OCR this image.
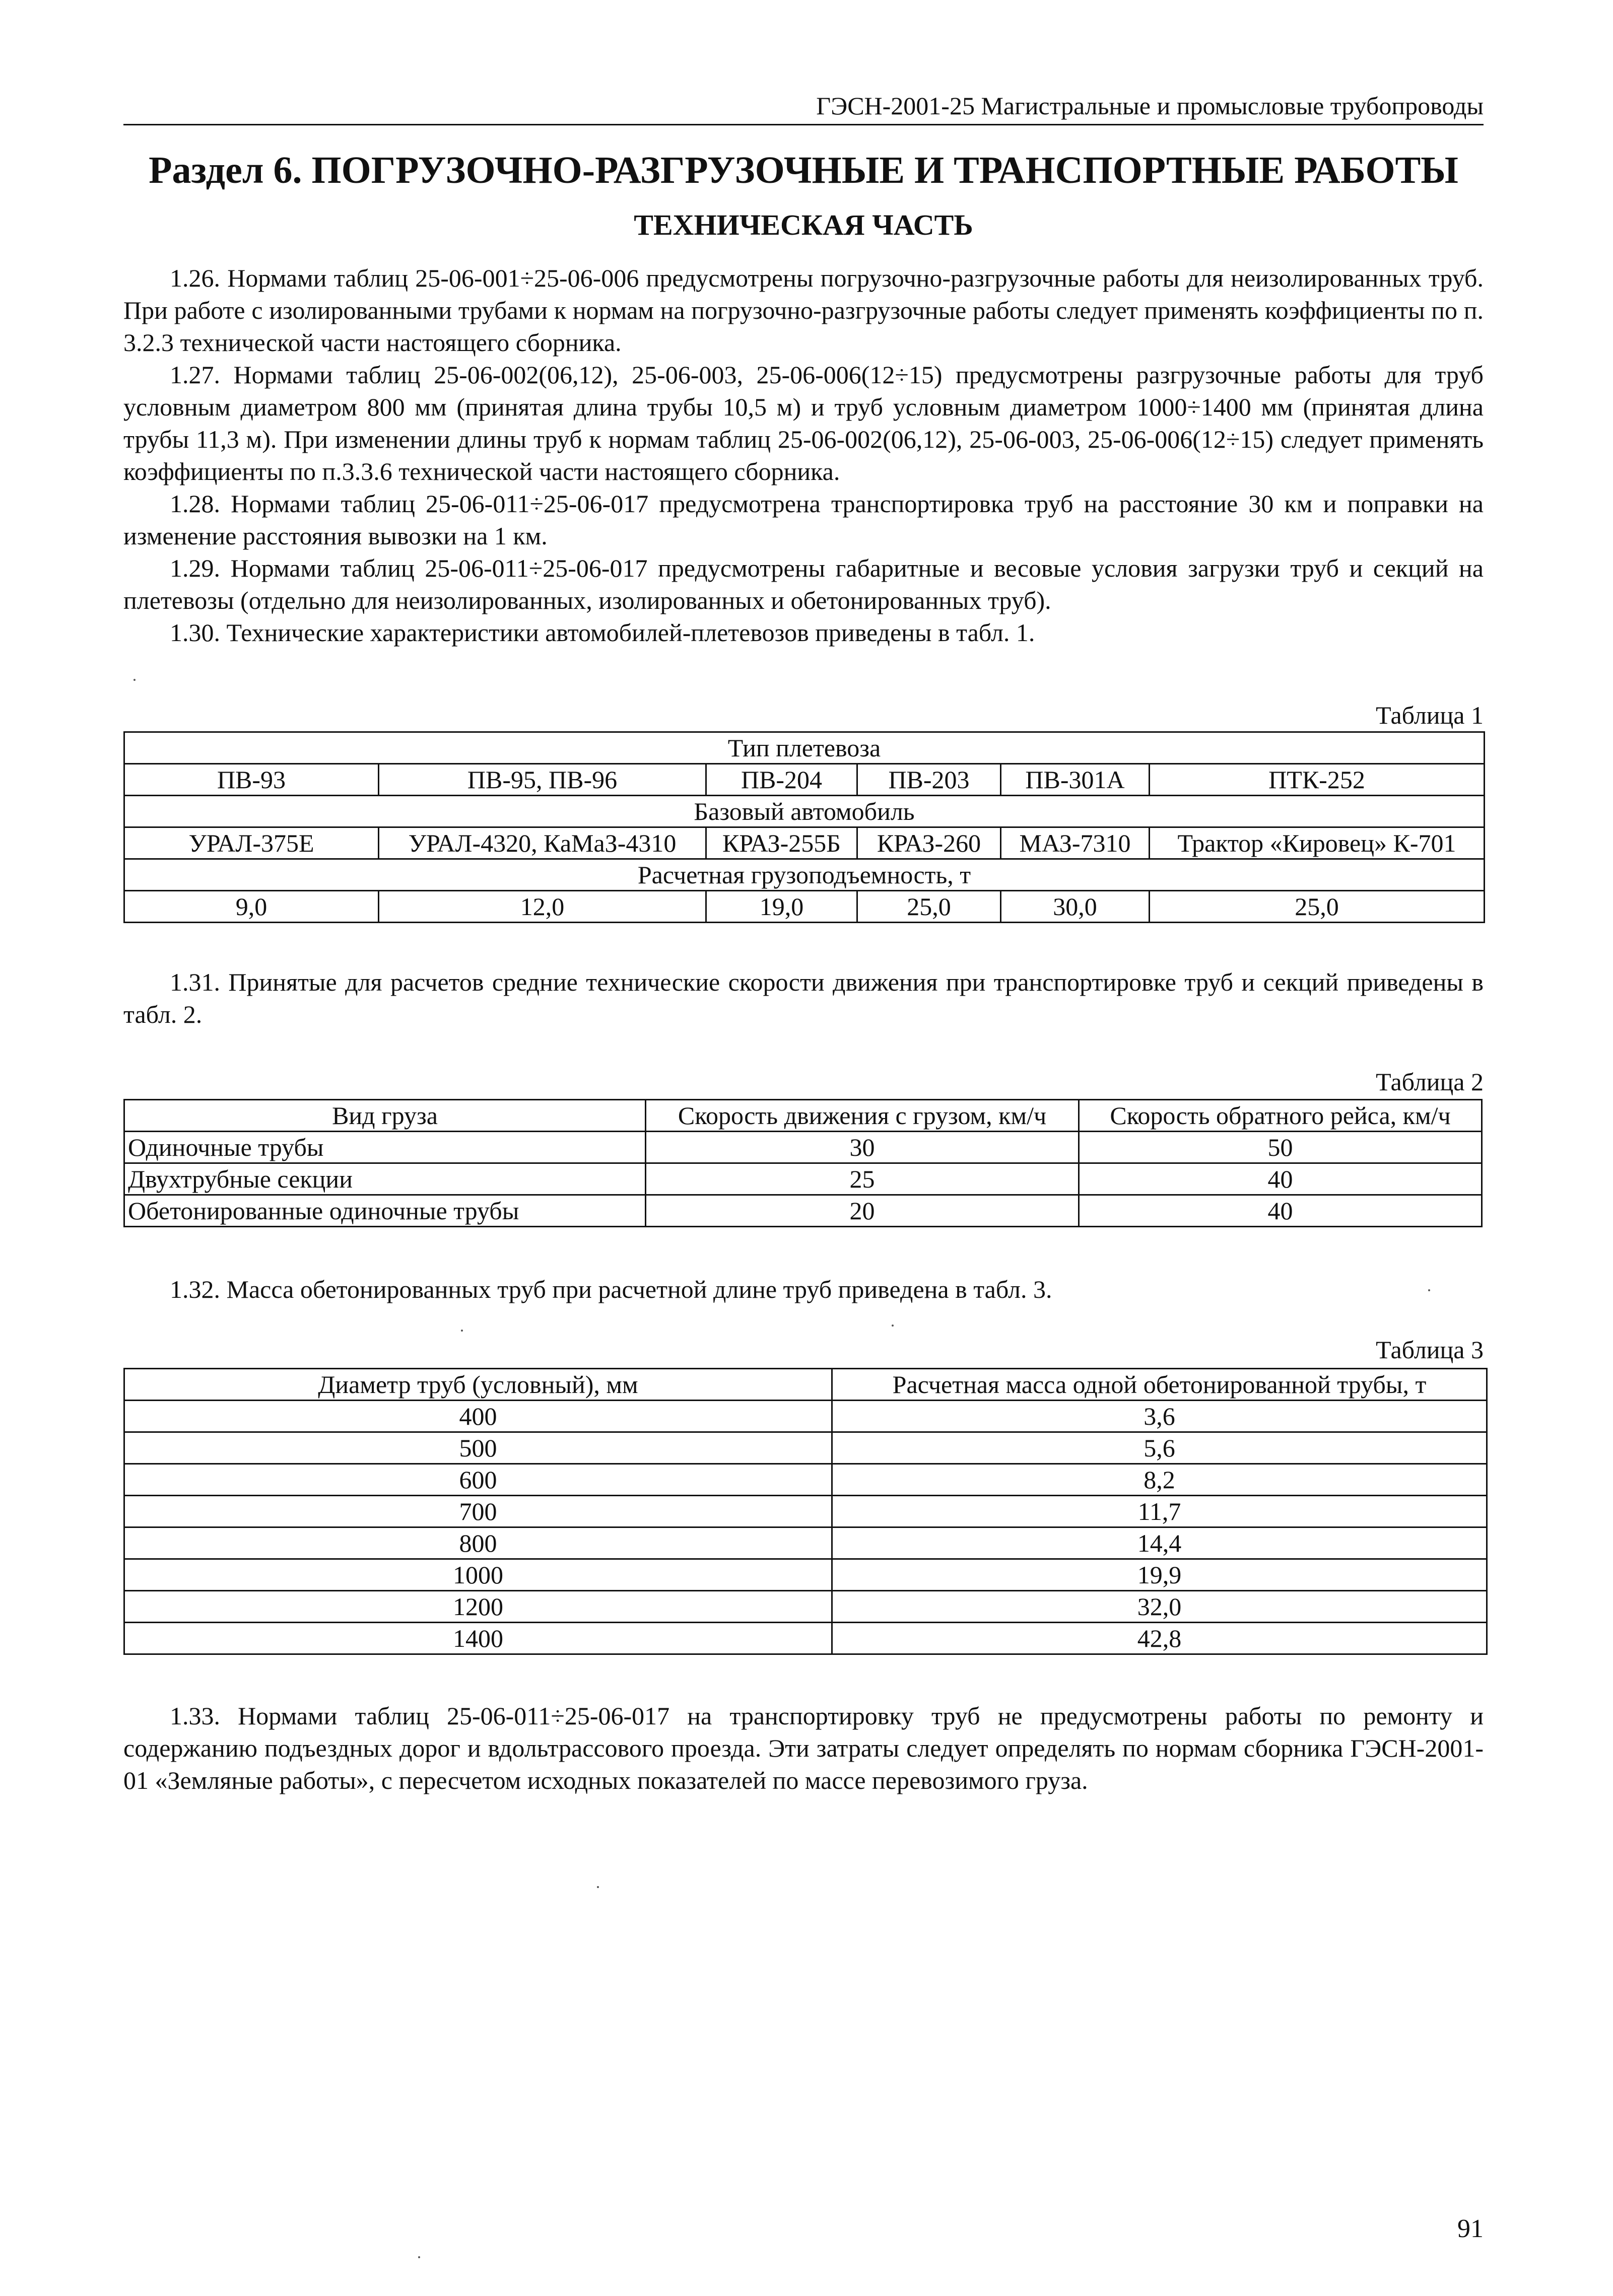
ГЭСН-2001-25 Магистральные и промысловые трубопроводы
Раздел 6. ПОГРУЗОЧНО-РАЗГРУЗОЧНЫЕ И ТРАНСПОРТНЫЕ РАБОТЫ
ТЕХНИЧЕСКАЯ ЧАСТЬ

1.26. Нормами таблиц 25-06-001÷25-06-006 предусмотрены погрузочно-разгрузочные работы для неизолированных труб. При работе с изолированными трубами к нормам на погрузочно-разгрузочные работы следует применять коэффициенты по п. 3.2.3 технической части настоящего сборника.

1.27. Нормами таблиц 25-06-002(06,12), 25-06-003, 25-06-006(12÷15) предусмотрены разгрузочные работы для труб условным диаметром 800 мм (принятая длина трубы 10,5 м) и труб условным диаметром 1000÷1400 мм (принятая длина трубы 11,3 м). При изменении длины труб к нормам таблиц 25-06-002(06,12), 25-06-003, 25-06-006(12÷15) следует применять коэффициенты по п.3.3.6 технической части настоящего сборника.

1.28. Нормами таблиц 25-06-011÷25-06-017 предусмотрена транспортировка труб на расстояние 30 км и поправки на изменение расстояния вывозки на 1 км.

1.29. Нормами таблиц 25-06-011÷25-06-017 предусмотрены габаритные и весовые условия загрузки труб и секций на плетевозы (отдельно для неизолированных, изолированных и обетонированных труб).

1.30. Технические характеристики автомобилей-плетевозов приведены в табл. 1.

Таблица 1
Тип плетевоза					
ПВ-93	ПВ-95, ПВ-96	ПВ-204	ПВ-203	ПВ-301А	ПТК-252
Базовый автомобиль					
УРАЛ-375Е	УРАЛ-4320, КаМаЗ-4310	КРАЗ-255Б	КРАЗ-260	МАЗ-7310	Трактор «Кировец» К-701
Расчетная грузоподъемность, т					
9,0	12,0	19,0	25,0	30,0	25,0

1.31. Принятые для расчетов средние технические скорости движения при транспортировке труб и секций приведены в табл. 2.

Таблица 2
Вид груза	Скорость движения с грузом, км/ч	Скорость обратного рейса, км/ч
Одиночные трубы	30	50
Двухтрубные секции	25	40
Обетонированные одиночные трубы	20	40

1.32. Масса обетонированных труб при расчетной длине труб приведена в табл. 3.

Таблица 3
Диаметр труб (условный), мм	Расчетная масса одной обетонированной трубы, т
400	3,6
500	5,6
600	8,2
700	11,7
800	14,4
1000	19,9
1200	32,0
1400	42,8

1.33. Нормами таблиц 25-06-011÷25-06-017 на транспортировку труб не предусмотрены работы по ремонту и содержанию подъездных дорог и вдольтрассового проезда. Эти затраты следует определять по нормам сборника ГЭСН-2001-01 «Земляные работы», с пересчетом исходных показателей по массе перевозимого груза.

91
